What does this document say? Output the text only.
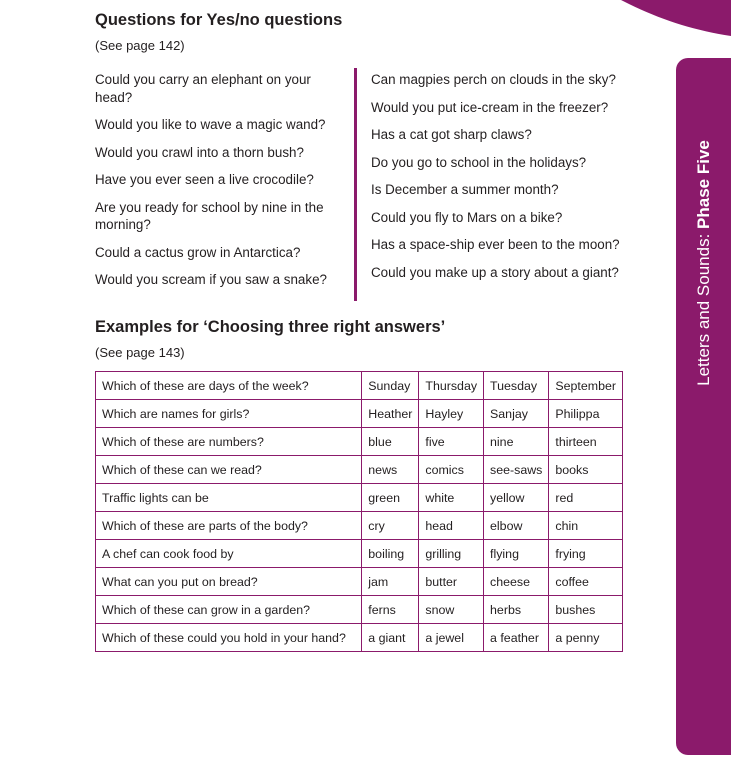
Letters and Sounds: Phase Five
Questions for Yes/no questions

(See page 142)

Could you carry an elephant on your head?
Would you like to wave a magic wand?
Would you crawl into a thorn bush?
Have you ever seen a live crocodile?
Are you ready for school by nine in the morning?
Could a cactus grow in Antarctica?
Would you scream if you saw a snake?
Can magpies perch on clouds in the sky?
Would you put ice-cream in the freezer?
Has a cat got sharp claws?
Do you go to school in the holidays?
Is December a summer month?
Could you fly to Mars on a bike?
Has a space-ship ever been to the moon?
Could you make up a story about a giant?
Examples for ‘Choosing three right answers’

(See page 143)

Which of these are days of the week?	Sunday	Thursday	Tuesday	September
Which are names for girls?	Heather	Hayley	Sanjay	Philippa
Which of these are numbers?	blue	five	nine	thirteen
Which of these can we read?	news	comics	see-saws	books
Traffic lights can be	green	white	yellow	red
Which of these are parts of the body?	cry	head	elbow	chin
A chef can cook food by	boiling	grilling	flying	frying
What can you put on bread?	jam	butter	cheese	coffee
Which of these can grow in a garden?	ferns	snow	herbs	bushes
Which of these could you hold in your hand?	a giant	a jewel	a feather	a penny
